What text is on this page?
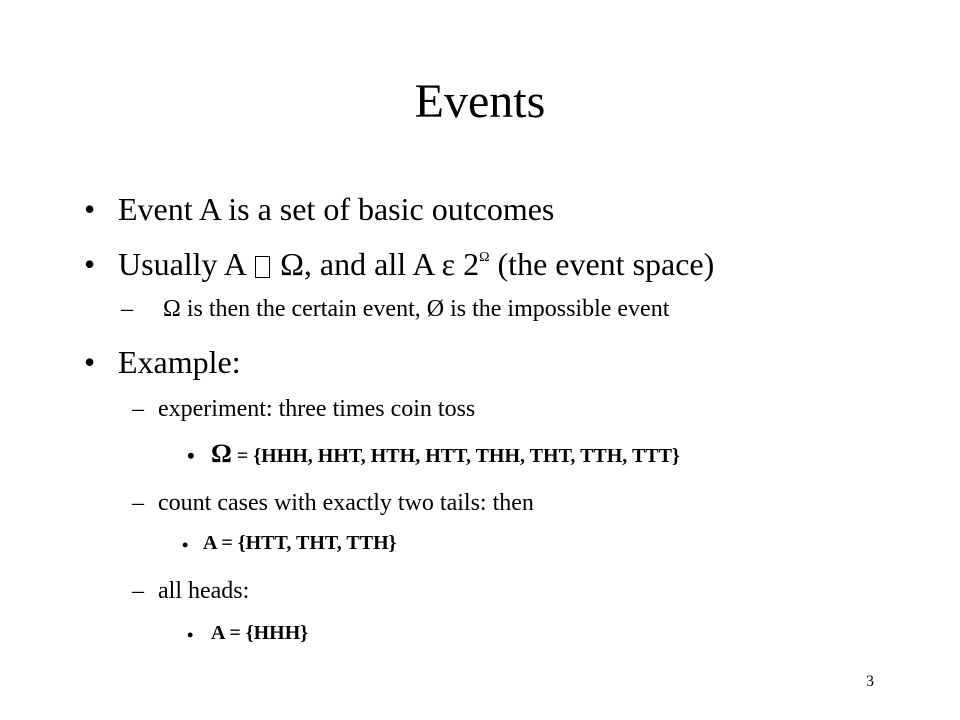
Events
• Event A is a set of basic outcomes
• Usually A Ω, and all A ε $2^\Omega$ (the event space)
– Ω is then the certain event, Ø is the impossible event
• Example:
– experiment: three times coin toss
• Ω = {HHH, HHT, HTH, HTT, THH, THT, TTH, TTT}
– count cases with exactly two tails: then
• A = {HTT, THT, TTH}
– all heads:
• A = {HHH}
3
